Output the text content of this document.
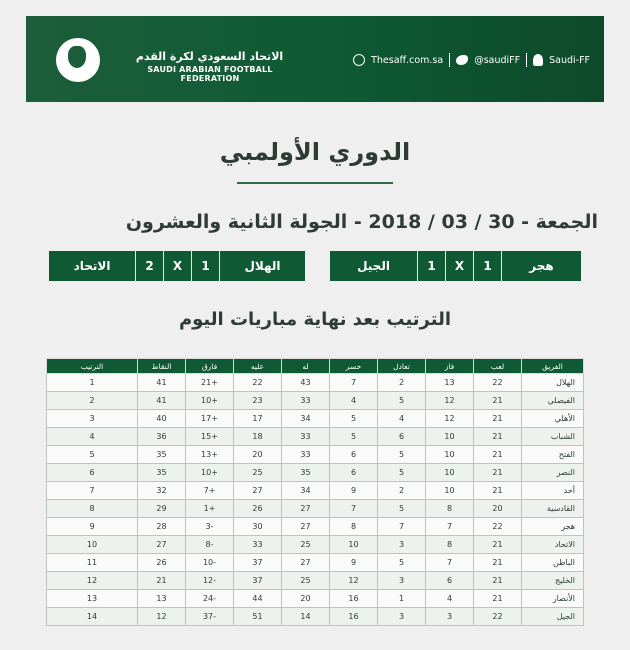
الاتحاد السعودي لكرة القدم
SAUDI ARABIAN FOOTBALL FEDERATION
Thesaff.com.sa	@saudiFF	Saudi-FF
الدوري الأولمبي
الجمعة - 30 / 03 / 2018 - الجولة الثانية والعشرون
هجر
1
X
1
الجيل
الهلال
1
X
2
الاتحاد
الترتيب بعد نهاية مباريات اليوم
الفريق	لعب	فاز	تعادل	خسر	له	عليه	فارق	النقاط	الترتيب
الهلال	22	13	2	7	43	22	+21	41	1
الفيصلي	21	12	5	4	33	23	+10	41	2
الأهلي	21	12	4	5	34	17	+17	40	3
الشباب	21	10	6	5	33	18	+15	36	4
الفتح	21	10	5	6	33	20	+13	35	5
النصر	21	10	5	6	35	25	+10	35	6
أحد	21	10	2	9	34	27	+7	32	7
القادسية	20	8	5	7	27	26	+1	29	8
هجر	22	7	7	8	27	30	-3	28	9
الاتحاد	21	8	3	10	25	33	-8	27	10
الباطن	21	7	5	9	27	37	-10	26	11
الخليج	21	6	3	12	25	37	-12	21	12
الأنصار	21	4	1	16	20	44	-24	13	13
الجيل	22	3	3	16	14	51	-37	12	14
